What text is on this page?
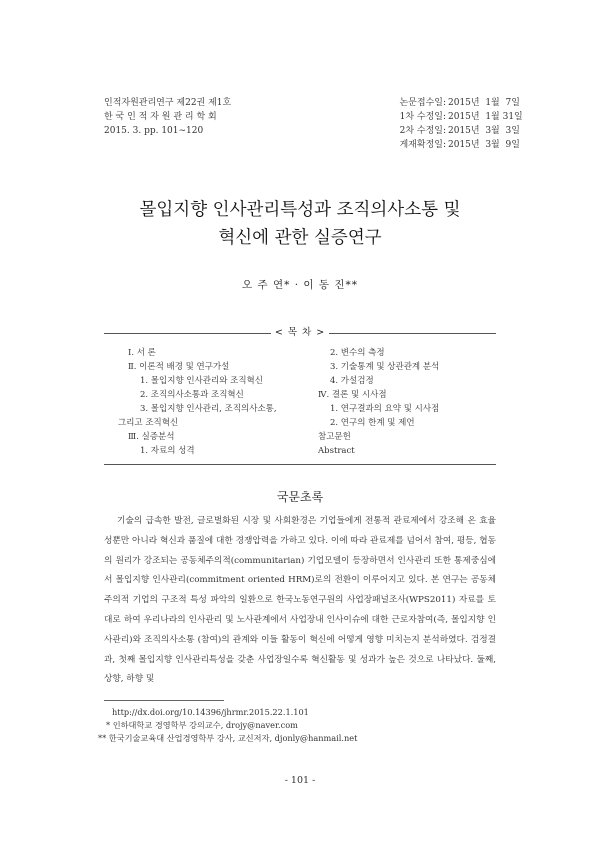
인적자원관리연구 제22권 제1호
한 국 인 적 자 원 관 리 학 회
2015. 3. pp. 101∼120
논문접수일: 2015년  1월  7일
1차 수정일: 2015년  1월 31일
2차 수정일: 2015년  3월  3일
게재확정일: 2015년  3월  9일
몰입지향 인사관리특성과 조직의사소통 및
혁신에 관한 실증연구
오 주 연* · 이 동 진**
< 목 차 >
Ⅰ. 서 론
Ⅱ. 이론적 배경 및 연구가설
1. 몰입지향 인사관리와 조직혁신
2. 조직의사소통과 조직혁신
3. 몰입지향 인사관리, 조직의사소통,
그리고 조직혁신
Ⅲ. 실증분석
1. 자료의 성격
2. 변수의 측정
3. 기술통계 및 상관관계 분석
4. 가설검정
Ⅳ. 결론 및 시사점
1. 연구결과의 요약 및 시사점
2. 연구의 한계 및 제언
참고문헌
Abstract
국문초록

기술의 급속한 발전, 글로벌화된 시장 및 사회환경은 기업들에게 전통적 관료제에서 강조해 온 효율성뿐만 아니라 혁신과 품질에 대한 경쟁압력을 가하고 있다. 이에 따라 관료제를 넘어서 참여, 평등, 협동의 원리가 강조되는 공동체주의적(communitarian) 기업모델이 등장하면서 인사관리 또한 통제중심에서 몰입지향 인사관리(commitment oriented HRM)로의 전환이 이루어지고 있다. 본 연구는 공동체주의적 기업의 구조적 특성 파악의 일환으로 한국노동연구원의 사업장패널조사(WPS2011) 자료를 토대로 하여 우리나라의 인사관리 및 노사관계에서 사업장내 인사이슈에 대한 근로자참여(즉, 몰입지향 인사관리)와 조직의사소통 (참여)의 관계와 이들 활동이 혁신에 어떻게 영향 미치는지 분석하였다. 검정결과, 첫째 몰입지향 인사관리특성을 갖춘 사업장일수록 혁신활동 및 성과가 높은 것으로 나타났다. 둘째, 상향, 하향 및

http://dx.doi.org/10.14396/jhrmr.2015.22.1.101
* 인하대학교 경영학부 강의교수, drojy@naver.com
** 한국기술교육대 산업경영학부 강사, 교신저자, djonly@hanmail.net
- 101 -
